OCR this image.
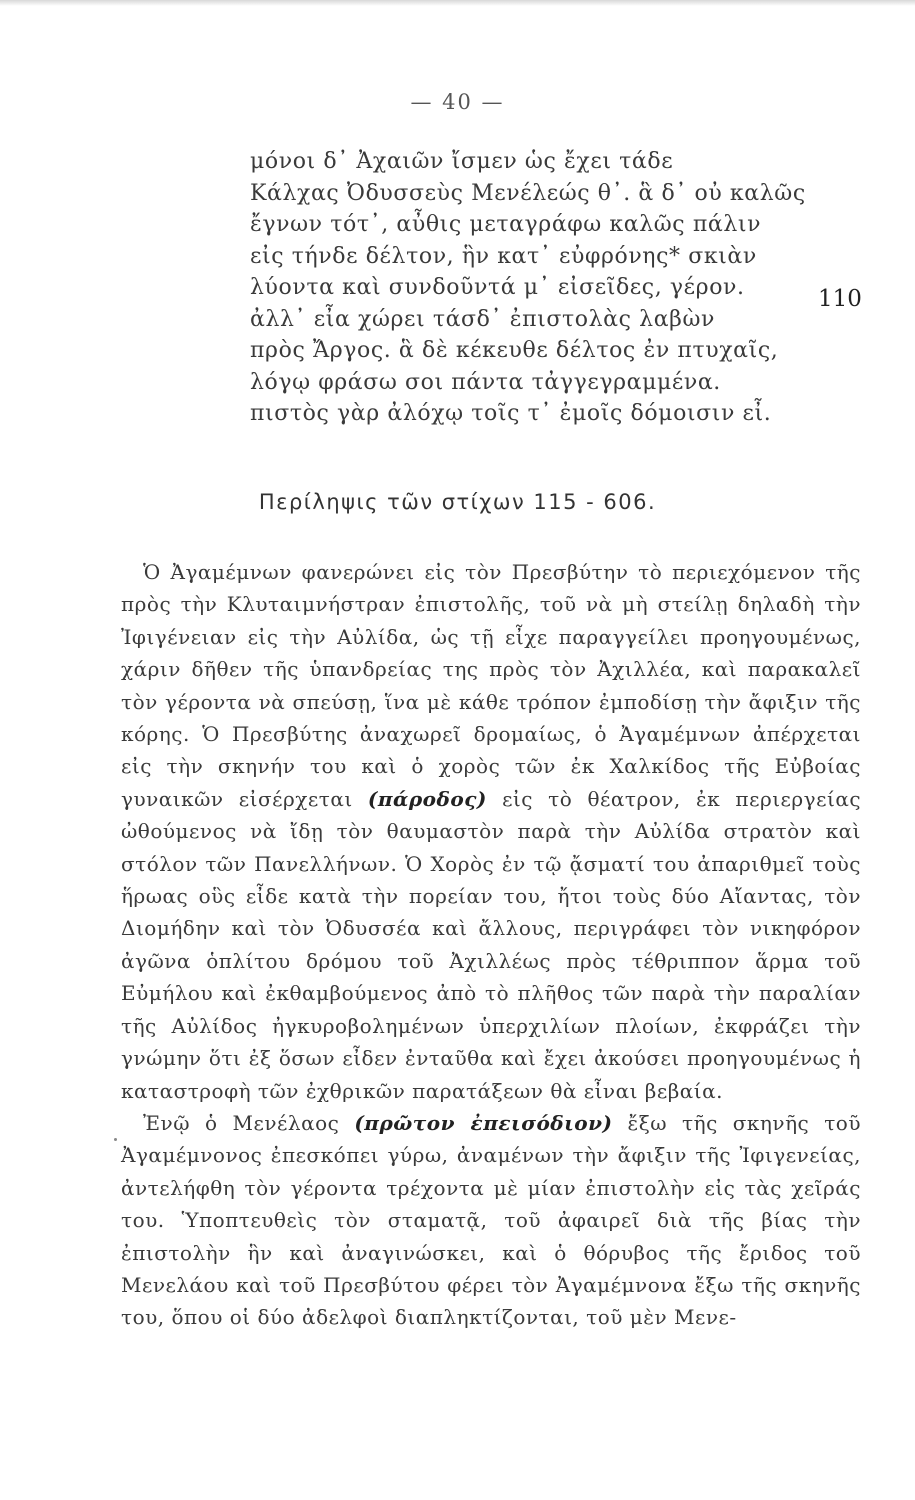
— 40 —
μόνοι δ᾽ Ἀχαιῶν ἴσμεν ὡς ἔχει τάδε
Κάλχας Ὀδυσσεὺς Μενέλεώς θ᾽. ἃ δ᾽ οὐ καλῶς
ἔγνων τότ᾽, αὖθις μεταγράφω καλῶς πάλιν
εἰς τήνδε δέλτον, ἣν κατ᾽ εὐφρόνης* σκιὰν
λύοντα καὶ συνδοῦντά μ᾽ εἰσεῖδες, γέρον.
ἀλλ᾽ εἶα χώρει τάσδ᾽ ἐπιστολὰς λαβὼν
πρὸς Ἄργος. ἃ δὲ κέκευθε δέλτος ἐν πτυχαῖς,
λόγῳ φράσω σοι πάντα τἀγγεγραμμένα.
πιστὸς γὰρ ἀλόχῳ τοῖς τ᾽ ἐμοῖς δόμοισιν εἶ.
110
Περίληψις τῶν στίχων 115 - 606.

Ὁ Ἀγαμέμνων φανερώνει εἰς τὸν Πρεσβύτην τὸ περιεχόμενον τῆς πρὸς τὴν Κλυταιμνήστραν ἐπιστολῆς, τοῦ νὰ μὴ στείλῃ δηλαδὴ τὴν Ἰφιγένειαν εἰς τὴν Αὐλίδα, ὡς τῇ εἶχε παραγγείλει προηγουμένως, χάριν δῆθεν τῆς ὑπανδρείας της πρὸς τὸν Ἀχιλλέα, καὶ παρακαλεῖ τὸν γέροντα νὰ σπεύσῃ, ἵνα μὲ κάθε τρόπον ἐμποδίσῃ τὴν ἄφιξιν τῆς κόρης. Ὁ Πρεσβύτης ἀναχωρεῖ δρομαίως, ὁ Ἀγαμέμνων ἀπέρχεται εἰς τὴν σκηνήν του καὶ ὁ χορὸς τῶν ἐκ Χαλκίδος τῆς Εὐβοίας γυναικῶν εἰσέρχεται (πάροδος) εἰς τὸ θέατρον, ἐκ περιεργείας ὠθούμενος νὰ ἴδῃ τὸν θαυμαστὸν παρὰ τὴν Αὐλίδα στρατὸν καὶ στόλον τῶν Πανελλήνων. Ὁ Χορὸς ἐν τῷ ᾄσματί του ἀπαριθμεῖ τοὺς ἥρωας οὓς εἶδε κατὰ τὴν πορείαν του, ἤτοι τοὺς δύο Αἴαντας, τὸν Διομήδην καὶ τὸν Ὀδυσσέα καὶ ἄλλους, περιγράφει τὸν νικηφόρον ἀγῶνα ὁπλίτου δρόμου τοῦ Ἀχιλλέως πρὸς τέθριππον ἅρμα τοῦ Εὐμήλου καὶ ἐκθαμβούμενος ἀπὸ τὸ πλῆθος τῶν παρὰ τὴν παραλίαν τῆς Αὐλίδος ἠγκυροβολημένων ὑπερχιλίων πλοίων, ἐκφράζει τὴν γνώμην ὅτι ἐξ ὅσων εἶδεν ἐνταῦθα καὶ ἔχει ἀκούσει προηγουμένως ἡ καταστροφὴ τῶν ἐχθρικῶν παρατάξεων θὰ εἶναι βεβαία.

Ἐνῷ ὁ Μενέλαος (πρῶτον ἐπεισόδιον) ἔξω τῆς σκηνῆς τοῦ Ἀγαμέμνονος ἐπεσκόπει γύρω, ἀναμένων τὴν ἄφιξιν τῆς Ἰφιγενείας, ἀντελήφθη τὸν γέροντα τρέχοντα μὲ μίαν ἐπιστολὴν εἰς τὰς χεῖράς του. Ὑποπτευθεὶς τὸν σταματᾷ, τοῦ ἀφαιρεῖ διὰ τῆς βίας τὴν ἐπιστολὴν ἣν καὶ ἀναγινώσκει, καὶ ὁ θόρυβος τῆς ἔριδος τοῦ Μενελάου καὶ τοῦ Πρεσβύτου φέρει τὸν Ἀγαμέμνονα ἔξω τῆς σκηνῆς του, ὅπου οἱ δύο ἀδελφοὶ διαπληκτίζονται, τοῦ μὲν Μενε-
